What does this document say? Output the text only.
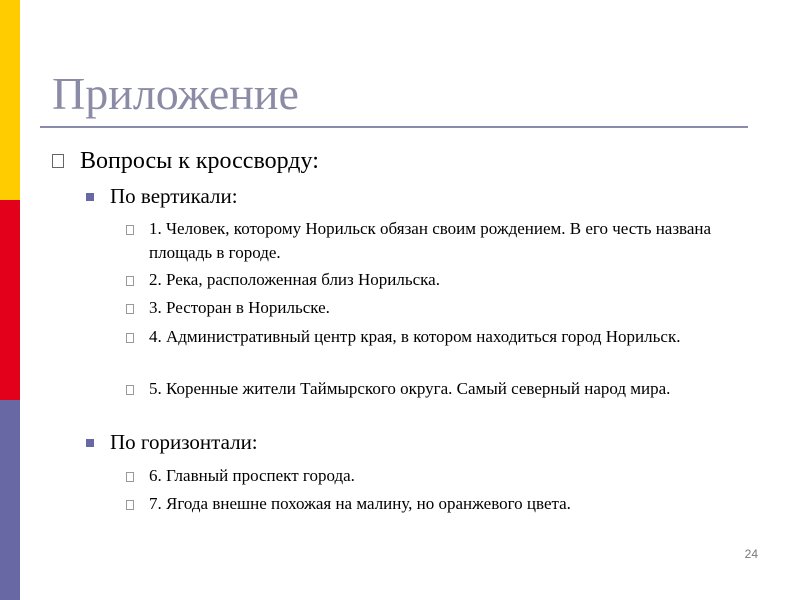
Приложение
Вопросы к кроссворду:
По вертикали:
1. Человек, которому Норильск обязан своим рождением. В его честь названа площадь в городе.
2. Река, расположенная близ Норильска.
3. Ресторан в Норильске.
4. Административный центр края, в котором находиться город Норильск.
5. Коренные жители Таймырского округа. Самый северный народ мира.
По горизонтали:
6. Главный проспект города.
7. Ягода внешне похожая на малину, но оранжевого цвета.
24
